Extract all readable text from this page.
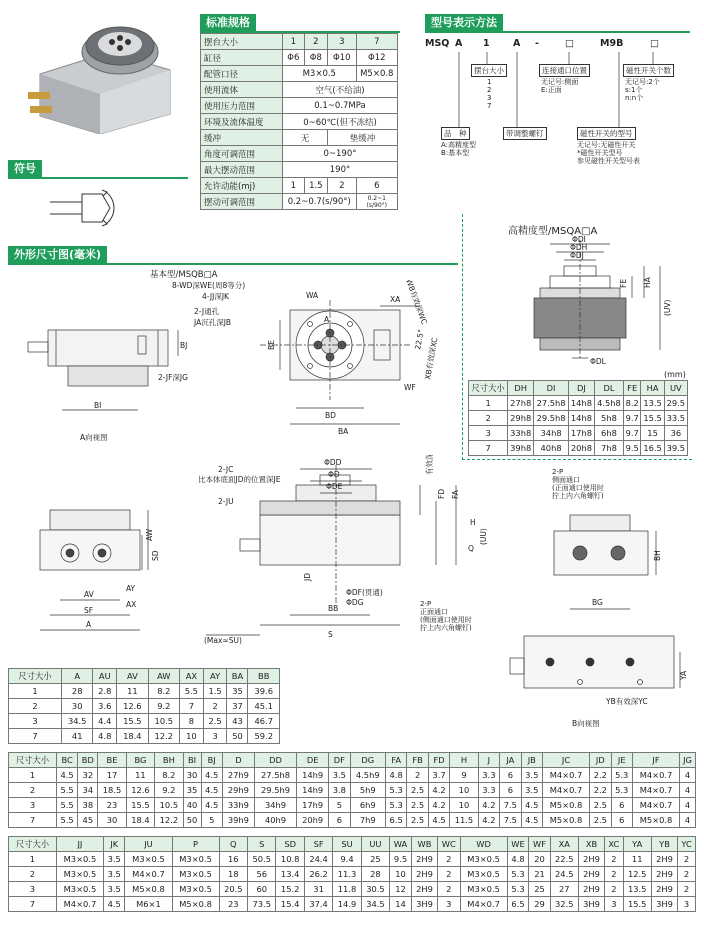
标准规格
摆台大小	1	2	3	7
缸径	Φ6	Φ8	Φ10	Φ12
配管口径	M3×0.5			M5×0.8
使用流体	空气(不给油)			
使用压力范围	0.1~0.7MPa			
环境及流体温度	0~60℃(但不冻结)			
缓冲	无		垫缓冲	
角度可调范围	0~190°			
最大摆动范围	190°			
允许动能(mj)	1	1.5	2	6
摆动可调范围	0.2~0.7(s/90°)			0.2~1
(s/90°)
型号表示方法
MSQ A 1 A -	□	M9B	□
摆台大小
1
2
3
7
连接通口位置
无记号:侧面
E:正面
磁性开关个数
无记号:2个
s:1个
n:n个
品　种
A:高精度型
B:基本型
带调整螺钉	磁性开关的型号
无记号:无磁性开关
*磁性开关型号
参见磁性开关型号表
符号
外形尺寸图(毫米)
高精度型/MSQA□A
ΦDI
ΦDH
ΦDJ
ΦDL
FE HA
(UV)
(mm)
尺寸大小	DH	DI	DJ	DL	FE	HA	UV
1	27h8	27.5h8	14h8	4.5h8	8.2	13.5	29.5
2	29h8	29.5h8	14h8	5h8	9.7	15.5	33.5
3	33h8	34h8	17h8	6h8	9.7	15	36
7	39h8	40h8	20h8	7h8	9.5	16.5	39.5
BI
BJ
2-JF深JG
A向视图
基本型/MSQB□A
8-WD深WE(周8等分)
4-JJ深JK
2-J通孔
JA沉孔深JB
WA	XA
BD
BA
BE
WF
A
22.5°
WB有效深WC
XB有效深XC
AW
SD
AY
AX
AV
SF
A
2-JC
比本体底面JD的位置深JE
2-JU
ΦDD
ΦD
ΦDE
有效深FB
FD FA
H
Q
(UU)
BB
S
ΦDF(贯通)
ΦDG
JD
(Max≈SU)
2-P
正面通口
(侧面通口使用时
拧上内六角螺钉)
2-P
侧面通口
(正面通口使用时
拧上内六角螺钉)
BG
BH
YA
YB有效深YC
B向视图
尺寸大小	A	AU	AV	AW	AX	AY	BA	BB
1	28	2.8	11	8.2	5.5	1.5	35	39.6
2	30	3.6	12.6	9.2	7	2	37	45.1
3	34.5	4.4	15.5	10.5	8	2.5	43	46.7
7	41	4.8	18.4	12.2	10	3	50	59.2
尺寸大小	BC	BD	BE	BG	BH	BI	BJ	D	DD	DE	DF	DG	FA	FB	FD	H	J	JA	JB	JC	JD	JE	JF	JG
1	4.5	32	17	11	8.2	30	4.5	27h9	27.5h8	14h9	3.5	4.5h9	4.8	2	3.7	9	3.3	6	3.5	M4×0.7	2.2	5.3	M4×0.7	4
2	5.5	34	18.5	12.6	9.2	35	4.5	29h9	29.5h9	14h9	3.8	5h9	5.3	2.5	4.2	10	3.3	6	3.5	M4×0.7	2.2	5.3	M4×0.7	4
3	5.5	38	23	15.5	10.5	40	4.5	33h9	34h9	17h9	5	6h9	5.3	2.5	4.2	10	4.2	7.5	4.5	M5×0.8	2.5	6	M4×0.7	4
7	5.5	45	30	18.4	12.2	50	5	39h9	40h9	20h9	6	7h9	6.5	2.5	4.5	11.5	4.2	7.5	4.5	M5×0.8	2.5	6	M5×0.8	4
尺寸大小	JJ	JK	JU	P	Q	S	SD	SF	SU	UU	WA	WB	WC	WD	WE	WF	XA	XB	XC	YA	YB	YC
1	M3×0.5	3.5	M3×0.5	M3×0.5	16	50.5	10.8	24.4	9.4	25	9.5	2H9	2	M3×0.5	4.8	20	22.5	2H9	2	11	2H9	2
2	M3×0.5	3.5	M4×0.7	M3×0.5	18	56	13.4	26.2	11.3	28	10	2H9	2	M3×0.5	5.3	21	24.5	2H9	2	12.5	2H9	2
3	M3×0.5	3.5	M5×0.8	M3×0.5	20.5	60	15.2	31	11.8	30.5	12	2H9	2	M3×0.5	5.3	25	27	2H9	2	13.5	2H9	2
7	M4×0.7	4.5	M6×1	M5×0.8	23	73.5	15.4	37.4	14.9	34.5	14	3H9	3	M4×0.7	6.5	29	32.5	3H9	3	15.5	3H9	3
